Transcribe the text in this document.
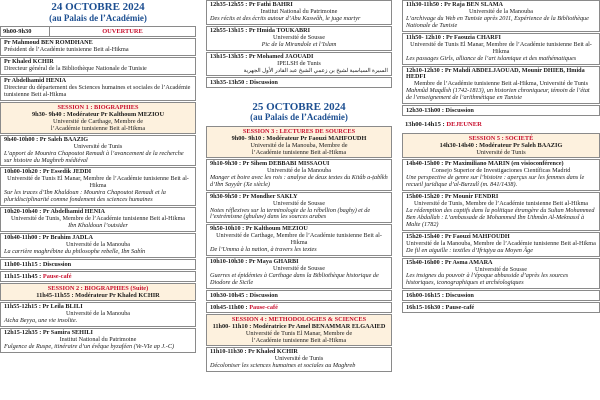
24 OCTOBRE 2024
(au Palais de l’Académie)
9h00-9h30	OUVERTURE
Pr Mahmoud BEN ROMDHANE
Président de l’Académie tunisienne Beit al-Hikma
Pr Khaled KCHIR
Directeur général de la Bibliothèque Nationale de Tunisie
Pr Abdelhamid HENIA
Directeur du département des Sciences humaines et sociales de l’Académie tunisienne Beit al-Hikma
SESSION 1 : BIOGRAPHIES
9h30- 9h40 : Modérateur Pr Kalthoum MEZIOU
Université de Carthage, Membre de
l’Académie tunisienne Beit al-Hikma
9h40-10h00 : Pr Saleh BAAZIG
Université de Tunis
L’apport de Mounira Chapoutot Remadi à l’avancement de la recherche sur histoire du Maghreb médiéval
10h00-10h20 : Pr Essedik JEDDI
Université de Tunis El Manar, Membre de l’Académie tunisienne Beit al-Hikma
Sur les traces d’Ibn Khaldoun : Mounira Chapoutot Remadi et la pluridisciplinarité comme fondement des sciences humaines
10h20-10h40 : Pr Abdelhamid HENIA
Université de Tunis, Membre de l’Académie tunisienne Beit al-Hikma
Ibn Khaldoun l’outsider
10h40-11h00 : Pr Brahim JADLA
Université de la Manouba
La carrière maghrébine du philosophe rebelle, Ibn Sabîn
11h00-11h15 : Discussion
11h15-11h45 : Pause-café
SESSION 2 : BIOGRAPHIES (Suite)
11h45-11h55 : Modérateur Pr Khaled KCHIR
11h55-12h15 : Pr Leila BLILI
Université de la Manouba
Aicha Beyya, une vie insolite.
12h15-12h35 : Pr Samira SEHILI
Institut National du Patrimoine
Fulgence de Ruspe, itinéraire d’un évêque byzaféen (Ve-VIe ap J.-C)
12h35-12h55 : Pr Fathi BAHRI
Institut National du Patrimoine
Des récits et des écrits autour d’Abu Kaswâh, le juge martyr
12h55-13h15 : Pr Hmida TOUKABRI
Université de Sousse
Pic de la Mirandole et l’Islam
13h15-13h35 : Pr Mohamed JAOUADI
IPELSH de Tunis
السيرة السياسية لشيخ بن زعمي الشيخ عبد القادر الأول الجهرية
13h35-13h50 : Discussion
25 OCTOBRE 2024
(au Palais de l’Académie)
SESSION 3 : LECTURES DE SOURCES
9h00- 9h10 : Modérateur Pr Faouzi MAHFOUDH
Université de la Manouba, Membre de
l’Académie tunisienne Beit al-Hikma
9h10-9h30 : Pr Sihem DEBBABI MISSAOUI
Université de la Manouba
Manger et boire avec les rois : analyse de deux textes du Kitâb a-ṭabîkh d’Ibn Sayyâr (Xe siècle)
9h30-9h50 : Pr Mondher SAKLY
Université de Sousse
Notes réflexives sur la terminologie de la rébellion (baghy) et de l’extrémisme (ghuluw) dans les sources arabes
9h50-10h10 : Pr Kalthoum MEZIOU
Université de Carthage, Membre de l’Académie tunisienne Beit al-Hikma
De l’Umma à la nation, à travers les textes
10h10-10h30 : Pr Maya GHARBI
Université de Sousse
Guerres et épidémies à Carthage dans la Bibliothèque historique de Diodore de Sicile
10h30-10h45 : Discussion
10h45-11h00 : Pause-café
SESSION 4 : METHODOLOGIES & SCIENCES
11h00- 11h10 : Modératrice Pr Amel BENAMMAR ELGAAIED
Université de Tunis El Manar, Membre de
l’Académie tunisienne Beit al-Hikma
11h10-11h30 : Pr Khaled KCHIR
Université de Tunis
Décoloniser les sciences humaines et sociales au Maghreb
11h30-11h50 : Pr Raja BEN SLAMA
Université de la Manouba
L’archivage du Web en Tunisie après 2011, Expérience de la Bibliothèque Nationale de Tunisie
11h50- 12h10 : Pr Faouzia CHARFI
Université de Tunis El Manar, Membre de l’Académie tunisienne Beit al-Hikma
Les passages Girls, alliance de l’art islamique et des mathématiques
12h10-12h30 : Pr Mahdi ABDELJAOUAD, Mounir DHIEB, Hmida HEDFI
Membre de l’Académie tunisienne Beit al-Hikma, Université de Tunis
Mahmûd Maqdîsh (1742-1813), un historien chroniqueur, témoin de l’état de l’enseignement de l’arithmétique en Tunisie
12h30-13h00 : Discussion
13h00-14h15 : DEJEUNER
SESSION 5 : SOCIETÉ
14h30-14h40 : Modérateur Pr Saleh BAAZIG
Université de Tunis
14h40-15h00 : Pr Maximiliano MARIN (en visioconférence)
Consejo Superior de Investigaciones Científicas Madrid
Une perspective de genre sur l’histoire : aperçus sur les femmes dans le recueil juridique d’al-Burzulî (m. 841/1438).
15h00-15h20 : Pr Mounir FENDRI
Université de Tunis, Membre de l’Académie tunisienne Beit al-Hikma
La rédemption des captifs dans la politique étrangère du Sultan Mohammed Ben Abdallah : L’ambassade de Mohammed Ibn Uthmân Al-Meknassî à Malte (1782)
15h20-15h40 : Pr Faouzi MAHFOUDH
Université de la Manouba, Membre de l’Académie tunisienne Beit al-Hikma
De fil en aiguille : textiles d’Ifriqiya au Moyen Âge
15h40-16h00 : Pr Asma AMARA
Université de Sousse
Les insignes du pouvoir à l’époque abbasside d’après les sources historiques, iconographiques et archéologiques
16h00-16h15 : Discussion
16h15-16h30 : Pause-café
